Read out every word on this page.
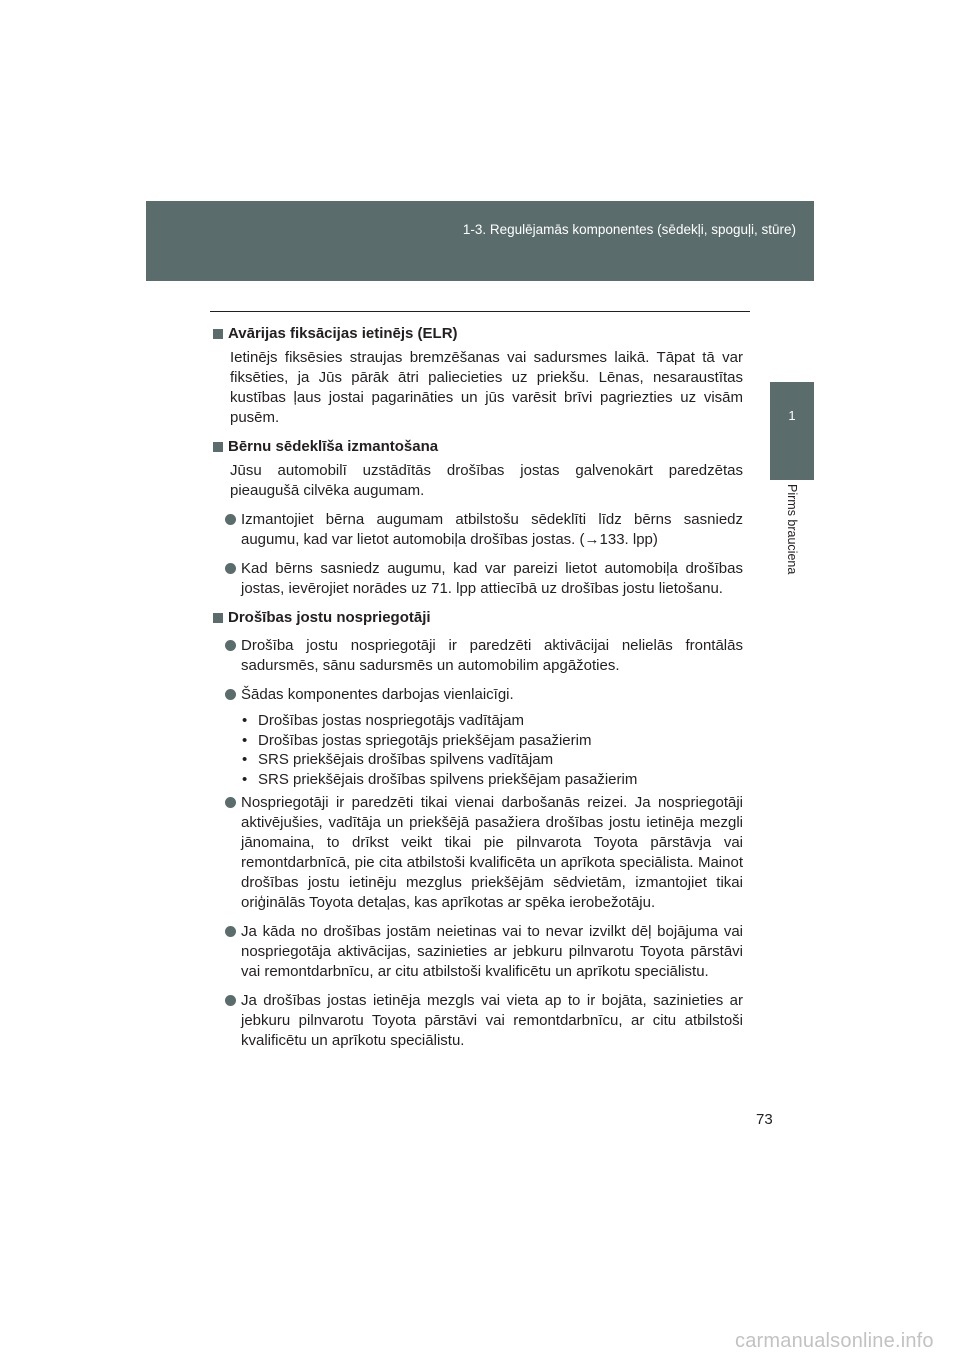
1-3. Regulējamās komponentes (sēdekļi, spoguļi, stūre)
1
Pirms brauciena
Avārijas fiksācijas ietinējs (ELR)
Ietinējs fiksēsies straujas bremzēšanas vai sadursmes laikā. Tāpat tā var fiksēties, ja Jūs pārāk ātri paliecieties uz priekšu. Lēnas, nesaraustītas kustības ļaus jostai pagarināties un jūs varēsit brīvi pagriezties uz visām pusēm.
Bērnu sēdeklīša izmantošana
Jūsu automobilī uzstādītās drošības jostas galvenokārt paredzētas pieaugušā cilvēka augumam.
Izmantojiet bērna augumam atbilstošu sēdeklīti līdz bērns sasniedz augumu, kad var lietot automobiļa drošības jostas. (→133. lpp)
Kad bērns sasniedz augumu, kad var pareizi lietot automobiļa drošības jostas, ievērojiet norādes uz 71. lpp attiecībā uz drošības jostu lietošanu.
Drošības jostu nospriegotāji
Drošība jostu nospriegotāji ir paredzēti aktivācijai nelielās frontālās sadursmēs, sānu sadursmēs un automobilim apgāžoties.
Šādas komponentes darbojas vienlaicīgi.
• Drošības jostas nospriegotājs vadītājam
• Drošības jostas spriegotājs priekšējam pasažierim
• SRS priekšējais drošības spilvens vadītājam
• SRS priekšējais drošības spilvens priekšējam pasažierim
Nospriegotāji ir paredzēti tikai vienai darbošanās reizei. Ja nospriegotāji aktivējušies, vadītāja un priekšējā pasažiera drošības jostu ietinēja mezgli jānomaina, to drīkst veikt tikai pie pilnvarota Toyota pārstāvja vai remontdarbnīcā, pie cita atbilstoši kvalificēta un aprīkota speciālista. Mainot drošības jostu ietinēju mezglus priekšējām sēdvietām, izmantojiet tikai oriģinālās Toyota detaļas, kas aprīkotas ar spēka ierobežotāju.
Ja kāda no drošības jostām neietinas vai to nevar izvilkt dēļ bojājuma vai nospriegotāja aktivācijas, sazinieties ar jebkuru pilnvarotu Toyota pārstāvi vai remontdarbnīcu, ar citu atbilstoši kvalificētu un aprīkotu speciālistu.
Ja drošības jostas ietinēja mezgls vai vieta ap to ir bojāta, sazinieties ar jebkuru pilnvarotu Toyota pārstāvi vai remontdarbnīcu, ar citu atbilstoši kvalificētu un aprīkotu speciālistu.
73
carmanualsonline.info
